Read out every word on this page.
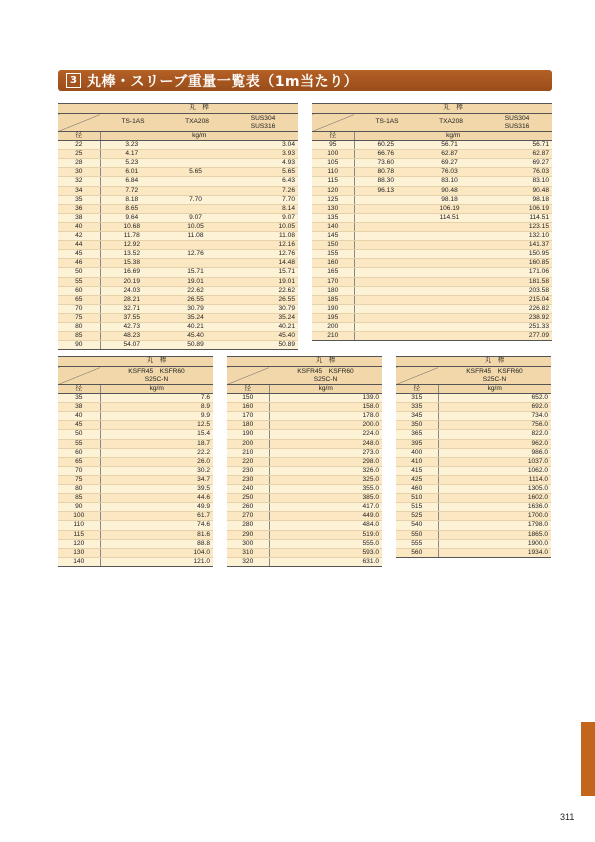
3 丸棒・スリーブ重量一覧表（1m当たり）
	丸　棒		
	TS-1AS	TXA208	SUS304
SUS316
径	kg/m		
22	3.23		3.04
25	4.17		3.93
28	5.23		4.93
30	6.01	5.65	5.65
32	6.84		6.43
34	7.72		7.26
35	8.18	7.70	7.70
36	8.65		8.14
38	9.64	9.07	9.07
40	10.68	10.05	10.05
42	11.78	11.08	11.08
44	12.92		12.16
45	13.52	12.76	12.76
46	15.38		14.48
50	16.69	15.71	15.71
55	20.19	19.01	19.01
60	24.03	22.62	22.62
65	28.21	26.55	26.55
70	32.71	30.79	30.79
75	37.55	35.24	35.24
80	42.73	40.21	40.21
85	48.23	45.40	45.40
90	54.07	50.89	50.89
	丸　棒		
	TS-1AS	TXA208	SUS304
SUS316
径	kg/m		
95	60.25	56.71	56.71
100	66.76	62.87	62.87
105	73.60	69.27	69.27
110	80.78	76.03	76.03
115	88.30	83.10	83.10
120	96.13	90.48	90.48
125		98.18	98.18
130		106.19	106.19
135		114.51	114.51
140			123.15
145			132.10
150			141.37
155			150.95
160			160.85
165			171.06
170			181.58
180			203.58
185			215.04
190			226.82
195			238.92
200			251.33
210			277.09
	丸　棒
	KSFR45　KSFR60
S25C-N
径	kg/m
35	7.6
38	8.9
40	9.9
45	12.5
50	15.4
55	18.7
60	22.2
65	26.0
70	30.2
75	34.7
80	39.5
85	44.6
90	49.9
100	61.7
110	74.6
115	81.6
120	88.8
130	104.0
140	121.0
	丸　棒
	KSFR45　KSFR60
S25C-N
径	kg/m
150	139.0
160	158.0
170	178.0
180	200.0
190	224.0
200	248.0
210	273.0
220	298.0
230	326.0
230	325.0
240	355.0
250	385.0
260	417.0
270	449.0
280	484.0
290	519.0
300	555.0
310	593.0
320	631.0
	丸　棒
	KSFR45　KSFR60
S25C-N
径	kg/m
315	652.0
335	692.0
345	734.0
350	756.0
365	822.0
395	962.0
400	986.0
410	1037.0
415	1062.0
425	1114.0
460	1305.0
510	1602.0
515	1636.0
525	1700.0
540	1798.0
550	1865.0
555	1900.0
560	1934.0
311
